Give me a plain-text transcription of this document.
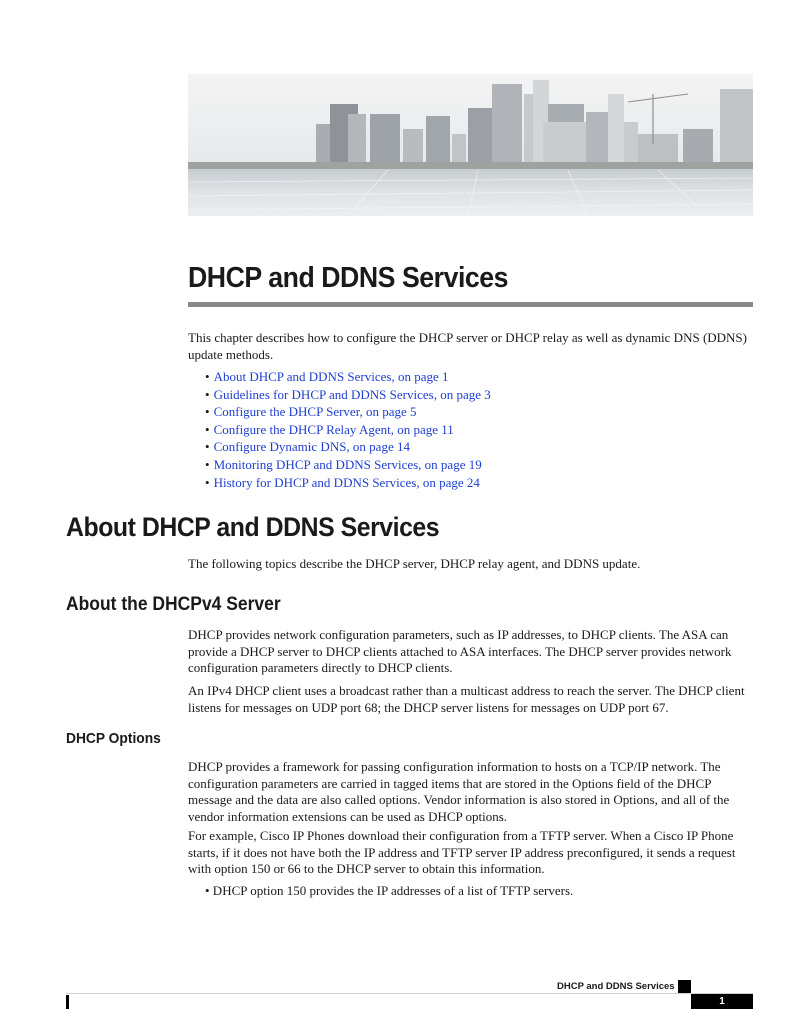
DHCP and DDNS Services

This chapter describes how to configure the DHCP server or DHCP relay as well as dynamic DNS (DDNS) update methods.

• About DHCP and DDNS Services, on page 1
• Guidelines for DHCP and DDNS Services, on page 3
• Configure the DHCP Server, on page 5
• Configure the DHCP Relay Agent, on page 11
• Configure Dynamic DNS, on page 14
• Monitoring DHCP and DDNS Services, on page 19
• History for DHCP and DDNS Services, on page 24
About DHCP and DDNS Services

The following topics describe the DHCP server, DHCP relay agent, and DDNS update.

About the DHCPv4 Server

DHCP provides network configuration parameters, such as IP addresses, to DHCP clients. The ASA can provide a DHCP server to DHCP clients attached to ASA interfaces. The DHCP server provides network configuration parameters directly to DHCP clients.

An IPv4 DHCP client uses a broadcast rather than a multicast address to reach the server. The DHCP client listens for messages on UDP port 68; the DHCP server listens for messages on UDP port 67.

DHCP Options

DHCP provides a framework for passing configuration information to hosts on a TCP/IP network. The configuration parameters are carried in tagged items that are stored in the Options field of the DHCP message and the data are also called options. Vendor information is also stored in Options, and all of the vendor information extensions can be used as DHCP options.

For example, Cisco IP Phones download their configuration from a TFTP server. When a Cisco IP Phone starts, if it does not have both the IP address and TFTP server IP address preconfigured, it sends a request with option 150 or 66 to the DHCP server to obtain this information.

• DHCP option 150 provides the IP addresses of a list of TFTP servers.

DHCP and DDNS Services
1
